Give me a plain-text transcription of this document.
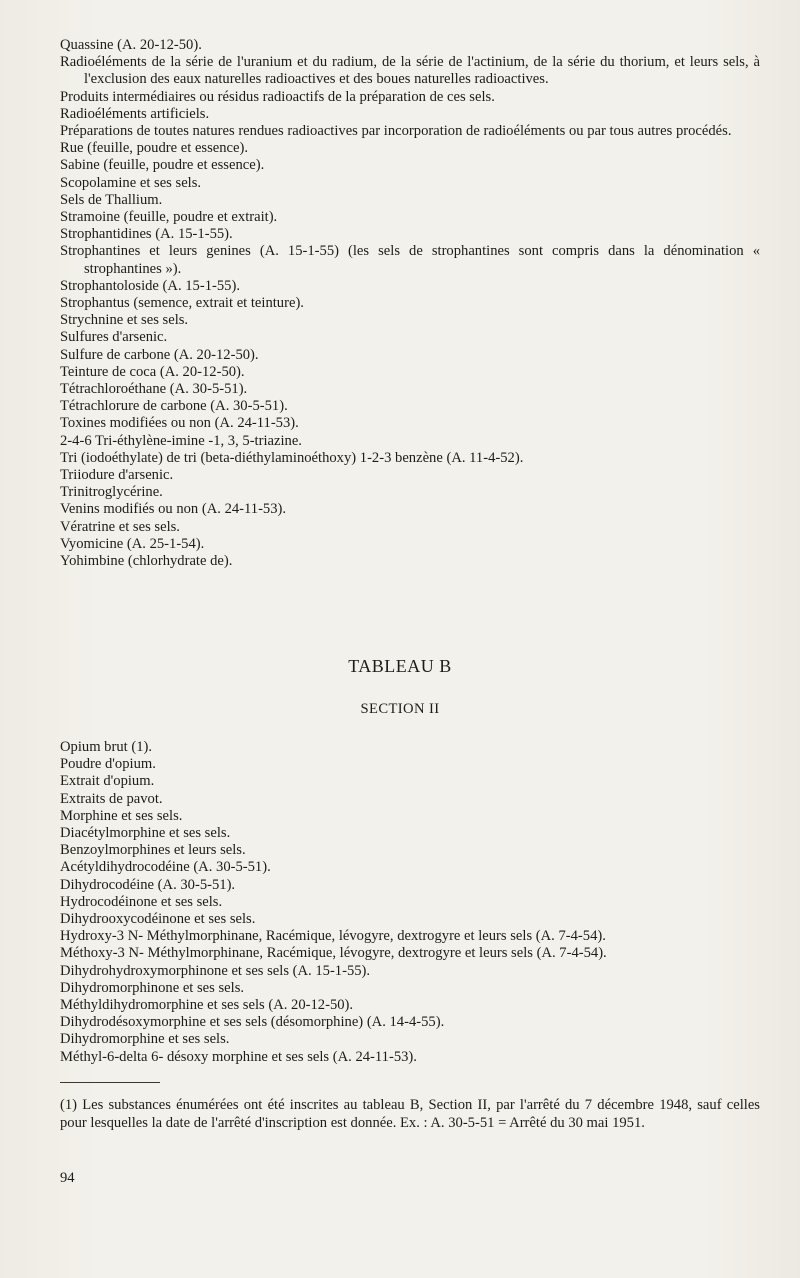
Quassine (A. 20-12-50).

Radioéléments de la série de l'uranium et du radium, de la série de l'actinium, de la série du thorium, et leurs sels, à l'exclusion des eaux naturelles radioactives et des boues naturelles radioactives.

Produits intermédiaires ou résidus radioactifs de la préparation de ces sels.

Radioéléments artificiels.

Préparations de toutes natures rendues radioactives par incorporation de radioéléments ou par tous autres procédés.

Rue (feuille, poudre et essence).

Sabine (feuille, poudre et essence).

Scopolamine et ses sels.

Sels de Thallium.

Stramoine (feuille, poudre et extrait).

Strophantidines (A. 15-1-55).

Strophantines et leurs genines (A. 15-1-55) (les sels de strophantines sont compris dans la dénomination « strophantines »).

Strophantoloside (A. 15-1-55).

Strophantus (semence, extrait et teinture).

Strychnine et ses sels.

Sulfures d'arsenic.

Sulfure de carbone (A. 20-12-50).

Teinture de coca (A. 20-12-50).

Tétrachloroéthane (A. 30-5-51).

Tétrachlorure de carbone (A. 30-5-51).

Toxines modifiées ou non (A. 24-11-53).

2-4-6 Tri-éthylène-imine -1, 3, 5-triazine.

Tri (iodoéthylate) de tri (beta-diéthylaminoéthoxy) 1-2-3 benzène (A. 11-4-52).

Triiodure d'arsenic.

Trinitroglycérine.

Venins modifiés ou non (A. 24-11-53).

Vératrine et ses sels.

Vyomicine (A. 25-1-54).

Yohimbine (chlorhydrate de).

TABLEAU B
SECTION II

Opium brut (1).

Poudre d'opium.

Extrait d'opium.

Extraits de pavot.

Morphine et ses sels.

Diacétylmorphine et ses sels.

Benzoylmorphines et leurs sels.

Acétyldihydrocodéine (A. 30-5-51).

Dihydrocodéine (A. 30-5-51).

Hydrocodéinone et ses sels.

Dihydrooxycodéinone et ses sels.

Hydroxy-3 N- Méthylmorphinane, Racémique, lévogyre, dextrogyre et leurs sels (A. 7-4-54).

Méthoxy-3 N- Méthylmorphinane, Racémique, lévogyre, dextrogyre et leurs sels (A. 7-4-54).

Dihydrohydroxymorphinone et ses sels (A. 15-1-55).

Dihydromorphinone et ses sels.

Méthyldihydromorphine et ses sels (A. 20-12-50).

Dihydrodésoxymorphine et ses sels (désomorphine) (A. 14-4-55).

Dihydromorphine et ses sels.

Méthyl-6-delta 6- désoxy morphine et ses sels (A. 24-11-53).

(1) Les substances énumérées ont été inscrites au tableau B, Section II, par l'arrêté du 7 décembre 1948, sauf celles pour lesquelles la date de l'arrêté d'inscription est donnée. Ex. : A. 30-5-51 = Arrêté du 30 mai 1951.

94
